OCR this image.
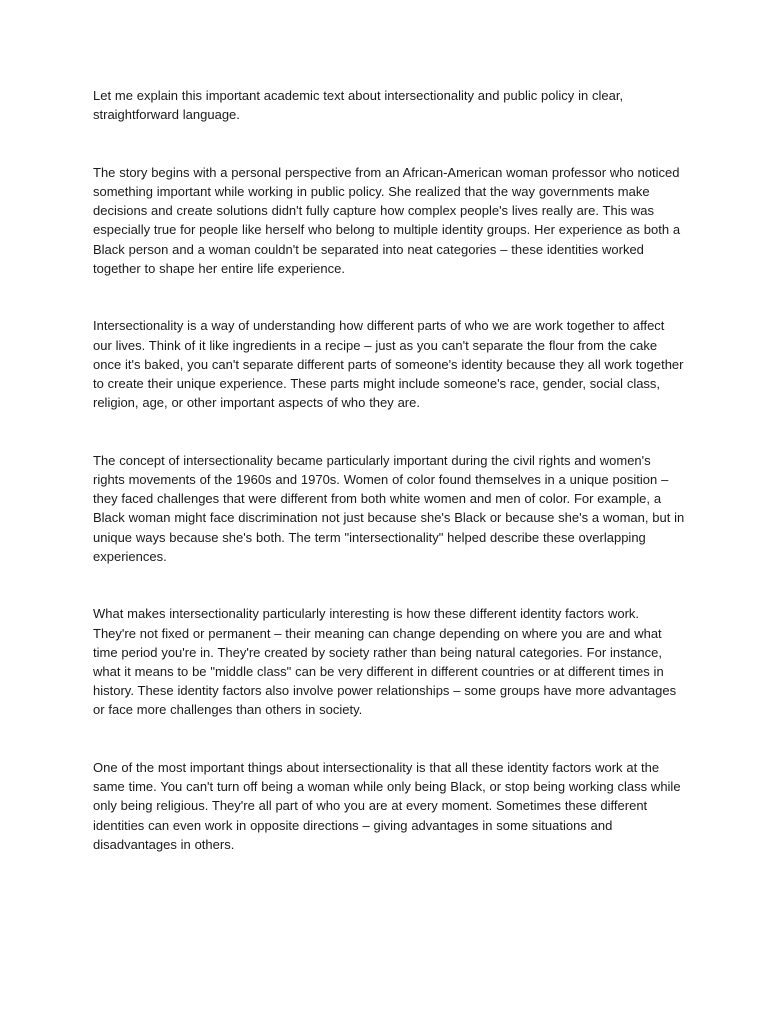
Let me explain this important academic text about intersectionality and public policy in clear, straightforward language.

The story begins with a personal perspective from an African-American woman professor who noticed something important while working in public policy. She realized that the way governments make decisions and create solutions didn't fully capture how complex people's lives really are. This was especially true for people like herself who belong to multiple identity groups. Her experience as both a Black person and a woman couldn't be separated into neat categories – these identities worked together to shape her entire life experience.

Intersectionality is a way of understanding how different parts of who we are work together to affect our lives. Think of it like ingredients in a recipe – just as you can't separate the flour from the cake once it's baked, you can't separate different parts of someone's identity because they all work together to create their unique experience. These parts might include someone's race, gender, social class, religion, age, or other important aspects of who they are.

The concept of intersectionality became particularly important during the civil rights and women's rights movements of the 1960s and 1970s. Women of color found themselves in a unique position – they faced challenges that were different from both white women and men of color. For example, a Black woman might face discrimination not just because she's Black or because she's a woman, but in unique ways because she's both. The term "intersectionality" helped describe these overlapping experiences.

What makes intersectionality particularly interesting is how these different identity factors work. They're not fixed or permanent – their meaning can change depending on where you are and what time period you're in. They're created by society rather than being natural categories. For instance, what it means to be "middle class" can be very different in different countries or at different times in history. These identity factors also involve power relationships – some groups have more advantages or face more challenges than others in society.

One of the most important things about intersectionality is that all these identity factors work at the same time. You can't turn off being a woman while only being Black, or stop being working class while only being religious. They're all part of who you are at every moment. Sometimes these different identities can even work in opposite directions – giving advantages in some situations and disadvantages in others.
